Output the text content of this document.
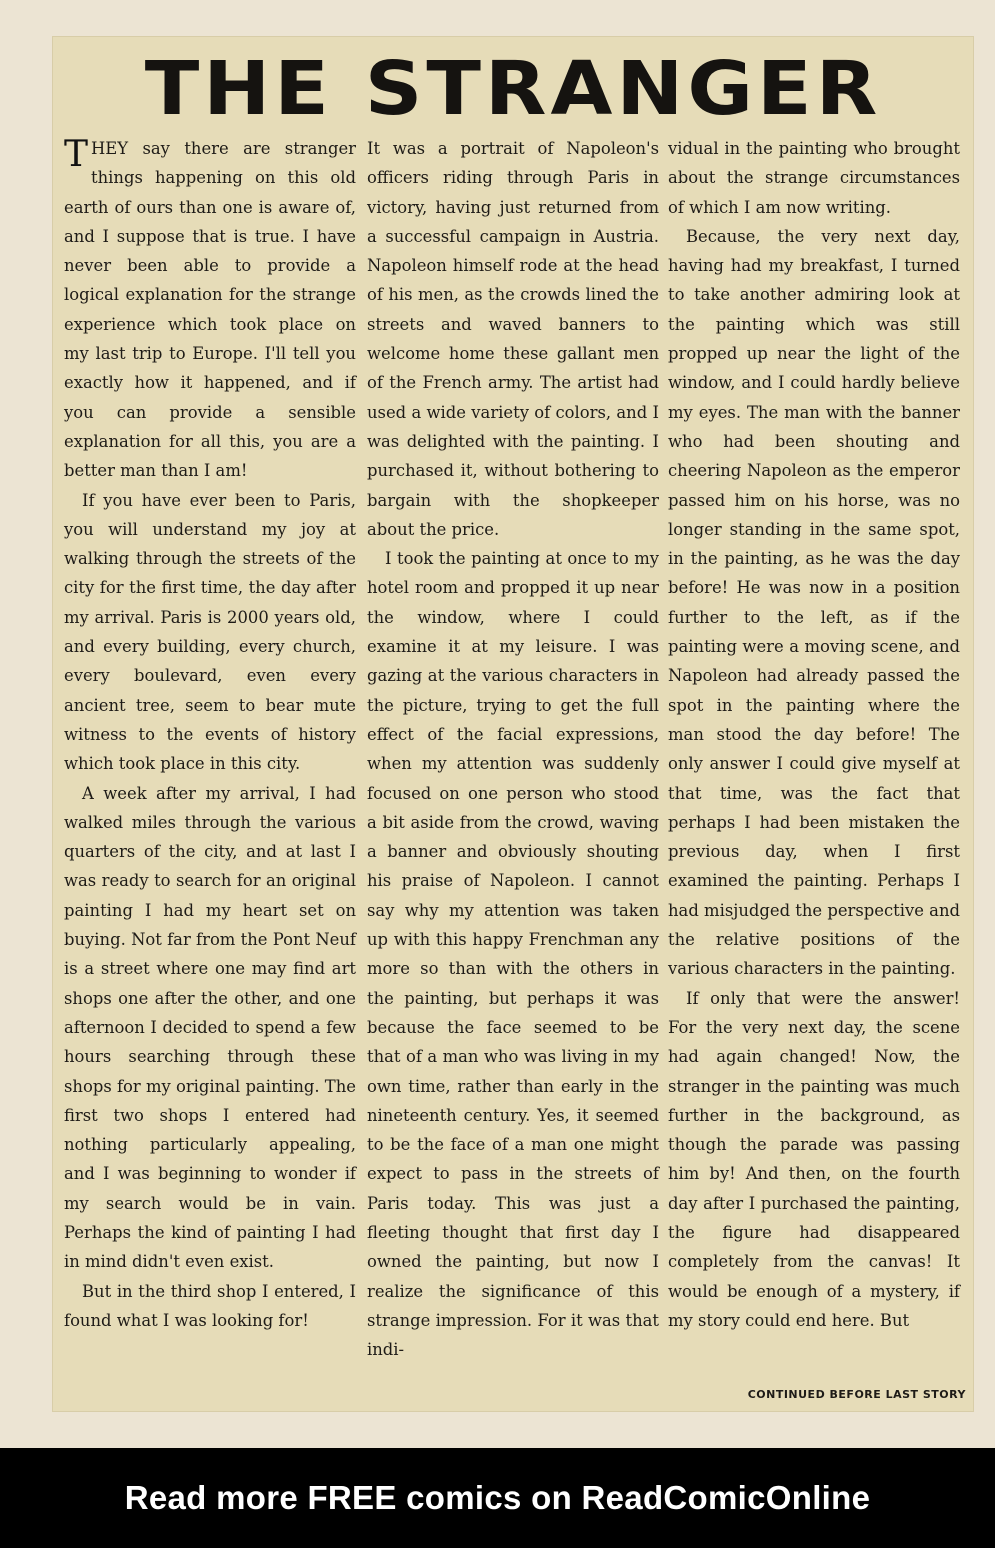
THE STRANGER

THEY say there are stranger things happening on this old earth of ours than one is aware of, and I suppose that is true. I have never been able to provide a logical explanation for the strange experience which took place on my last trip to Europe. I'll tell you exactly how it happened, and if you can provide a sensible explanation for all this, you are a better man than I am!

If you have ever been to Paris, you will understand my joy at walking through the streets of the city for the first time, the day after my arrival. Paris is 2000 years old, and every building, every church, every boulevard, even every ancient tree, seem to bear mute witness to the events of history which took place in this city.

A week after my arrival, I had walked miles through the various quarters of the city, and at last I was ready to search for an original painting I had my heart set on buying. Not far from the Pont Neuf is a street where one may find art shops one after the other, and one afternoon I decided to spend a few hours searching through these shops for my original painting. The first two shops I entered had nothing particularly appealing, and I was beginning to wonder if my search would be in vain. Perhaps the kind of painting I had in mind didn't even exist.

But in the third shop I entered, I found what I was looking for!

It was a portrait of Napoleon's officers riding through Paris in victory, having just returned from a successful campaign in Austria. Napoleon himself rode at the head of his men, as the crowds lined the streets and waved banners to welcome home these gallant men of the French army. The artist had used a wide variety of colors, and I was delighted with the painting. I purchased it, without bothering to bargain with the shopkeeper about the price.

I took the painting at once to my hotel room and propped it up near the window, where I could examine it at my leisure. I was gazing at the various characters in the picture, trying to get the full effect of the facial expressions, when my attention was suddenly focused on one person who stood a bit aside from the crowd, waving a banner and obviously shouting his praise of Napoleon. I cannot say why my attention was taken up with this happy Frenchman any more so than with the others in the painting, but perhaps it was because the face seemed to be that of a man who was living in my own time, rather than early in the nineteenth century. Yes, it seemed to be the face of a man one might expect to pass in the streets of Paris today. This was just a fleeting thought that first day I owned the painting, but now I realize the significance of this strange impression. For it was that indi-

vidual in the painting who brought about the strange circumstances of which I am now writing.

Because, the very next day, having had my breakfast, I turned to take another admiring look at the painting which was still propped up near the light of the window, and I could hardly believe my eyes. The man with the banner who had been shouting and cheering Napoleon as the emperor passed him on his horse, was no longer standing in the same spot, in the painting, as he was the day before! He was now in a position further to the left, as if the painting were a moving scene, and Napoleon had already passed the spot in the painting where the man stood the day before! The only answer I could give myself at that time, was the fact that perhaps I had been mistaken the previous day, when I first examined the painting. Perhaps I had misjudged the perspective and the relative positions of the various characters in the painting.

If only that were the answer! For the very next day, the scene had again changed! Now, the stranger in the painting was much further in the background, as though the parade was passing him by! And then, on the fourth day after I purchased the painting, the figure had disappeared completely from the canvas! It would be enough of a mystery, if my story could end here. But

CONTINUED BEFORE LAST STORY
Read more FREE comics on ReadComicOnline
